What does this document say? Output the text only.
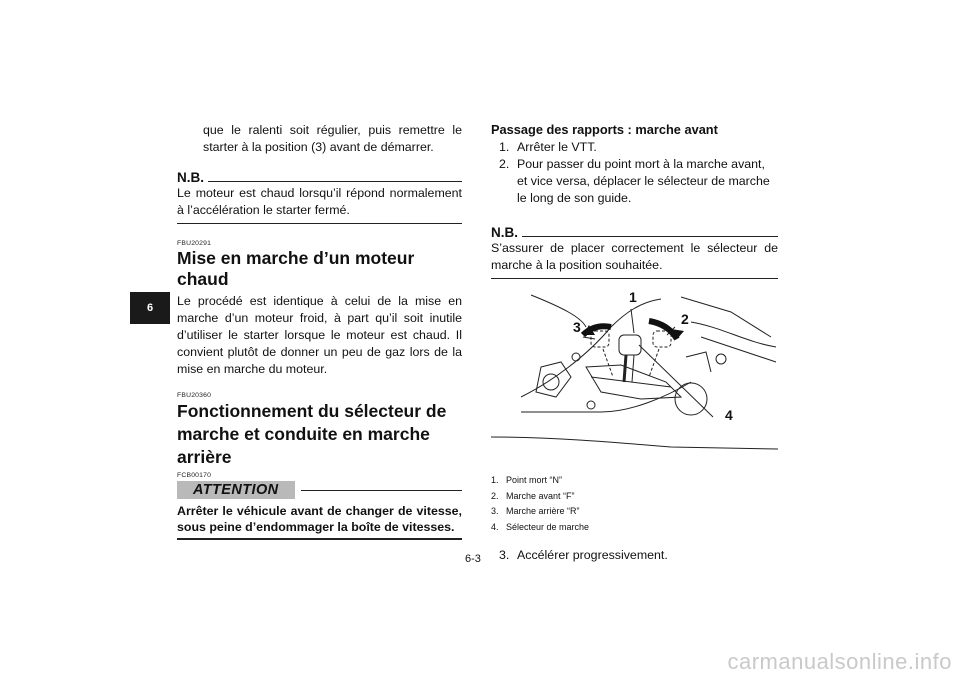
6

que le ralenti soit régulier, puis remettre le starter à la position (3) avant de démarrer.

N.B.

Le moteur est chaud lorsqu’il répond normalement à l’accélération le starter fermé.

FBU20291
Mise en marche d’un moteur chaud

Le procédé est identique à celui de la mise en marche d’un moteur froid, à part qu’il soit inutile d’utiliser le starter lorsque le moteur est chaud. Il convient plutôt de donner un peu de gaz lors de la mise en marche du moteur.

FBU20360
Fonctionnement du sélecteur de marche et conduite en marche arrière
FCB00170
ATTENTION

Arrêter le véhicule avant de changer de vitesse, sous peine d’endommager la boîte de vitesses.

Passage des rapports : marche avant
1. Arrêter le VTT.
2. Pour passer du point mort à la marche avant, et vice versa, déplacer le sélecteur de marche le long de son guide.
N.B.

S’assurer de placer correctement le sélecteur de marche à la position souhaitée.

1
2
3
4
1. Point mort “N”
2. Marche avant “F”
3. Marche arrière “R”
4. Sélecteur de marche
3. Accélérer progressivement.
6-3
carmanualsonline.info
